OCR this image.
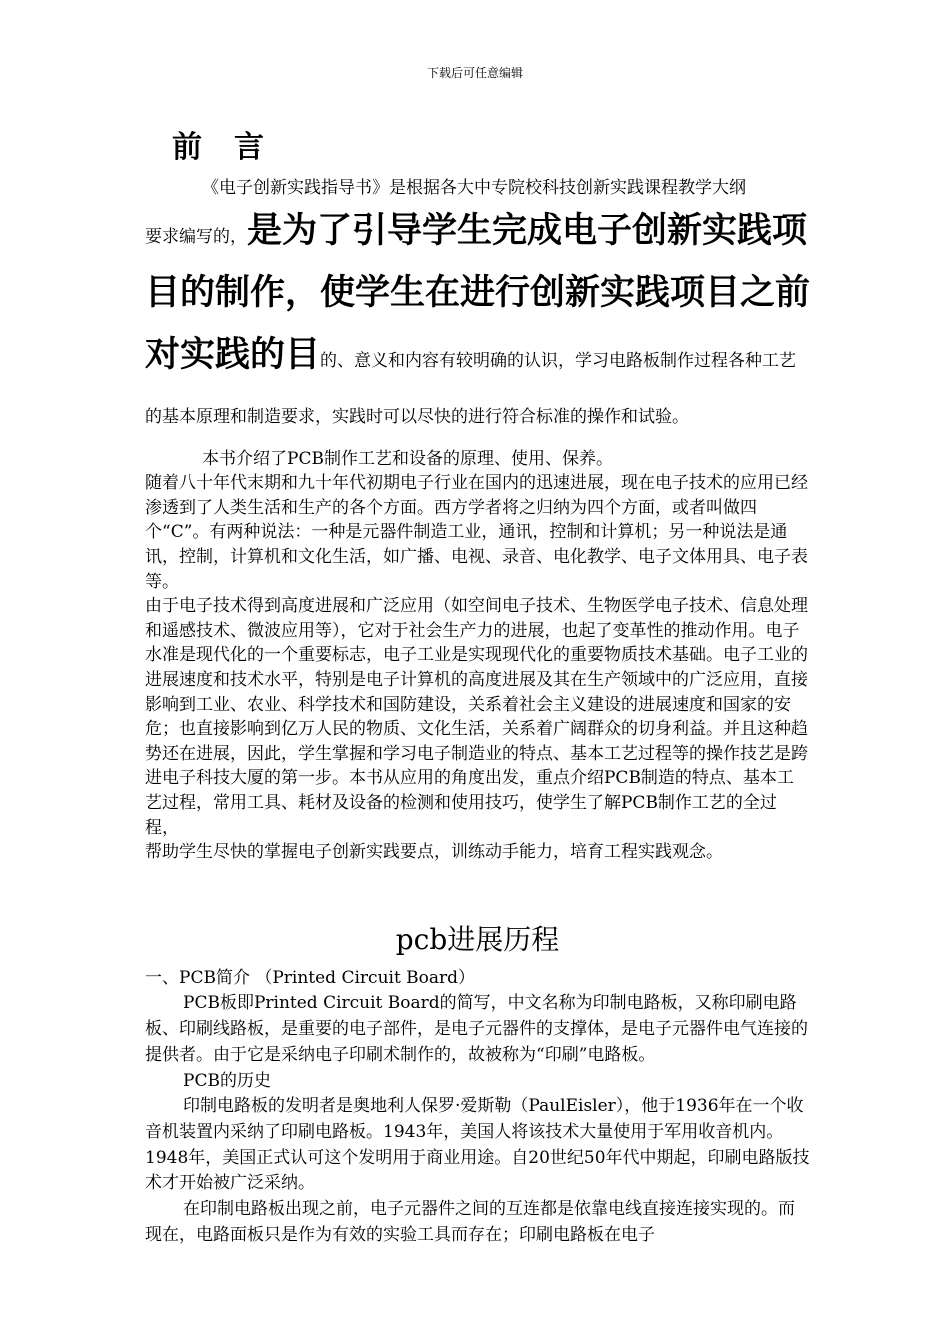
下载后可任意编辑
前 言

《电子创新实践指导书》是根据各大中专院校科技创新实践课程教学大纲

要求编写的，是为了引导学生完成电子创新实践项目的制作，使学生在进行创新实践项目之前对实践的目的、意义和内容有较明确的认识，学习电路板制作过程各种工艺的基本原理和制造要求，实践时可以尽快的进行符合标准的操作和试验。

本书介绍了PCB制作工艺和设备的原理、使用、保养。

随着八十年代末期和九十年代初期电子行业在国内的迅速进展，现在电子技术的应用已经渗透到了人类生活和生产的各个方面。西方学者将之归纳为四个方面，或者叫做四个“C”。有两种说法：一种是元器件制造工业，通讯，控制和计算机；另一种说法是通讯，控制，计算机和文化生活，如广播、电视、录音、电化教学、电子文体用具、电子表等。

由于电子技术得到高度进展和广泛应用（如空间电子技术、生物医学电子技术、信息处理和遥感技术、微波应用等），它对于社会生产力的进展，也起了变革性的推动作用。电子水准是现代化的一个重要标志，电子工业是实现现代化的重要物质技术基础。电子工业的进展速度和技术水平，特别是电子计算机的高度进展及其在生产领域中的广泛应用，直接影响到工业、农业、科学技术和国防建设，关系着社会主义建设的进展速度和国家的安危；也直接影响到亿万人民的物质、文化生活，关系着广阔群众的切身利益。并且这种趋势还在进展，因此，学生掌握和学习电子制造业的特点、基本工艺过程等的操作技艺是跨进电子科技大厦的第一步。本书从应用的角度出发，重点介绍PCB制造的特点、基本工艺过程，常用工具、耗材及设备的检测和使用技巧，使学生了解PCB制作工艺的全过程，

帮助学生尽快的掌握电子创新实践要点，训练动手能力，培育工程实践观念。

pcb进展历程

一、PCB简介 （Printed Circuit Board）

PCB板即Printed Circuit Board的简写，中文名称为印制电路板，又称印刷电路板、印刷线路板，是重要的电子部件，是电子元器件的支撑体，是电子元器件电气连接的提供者。由于它是采纳电子印刷术制作的，故被称为“印刷”电路板。

PCB的历史

印制电路板的发明者是奥地利人保罗·爱斯勒（PaulEisler），他于1936年在一个收音机装置内采纳了印刷电路板。1943年，美国人将该技术大量使用于军用收音机内。1948年，美国正式认可这个发明用于商业用途。自20世纪50年代中期起，印刷电路版技术才开始被广泛采纳。

在印制电路板出现之前，电子元器件之间的互连都是依靠电线直接连接实现的。而现在，电路面板只是作为有效的实验工具而存在；印刷电路板在电子
